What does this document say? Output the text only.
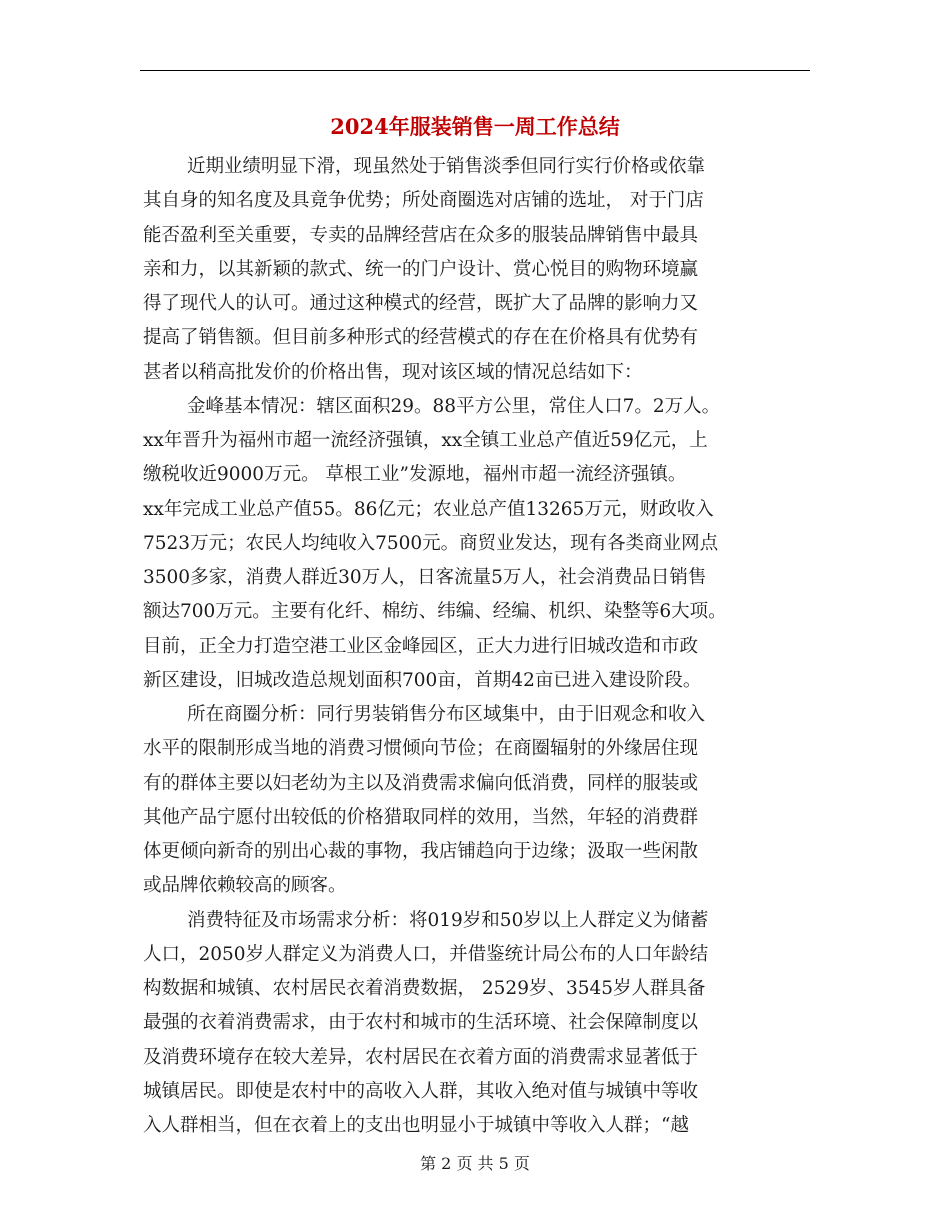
2024年服装销售一周工作总结
近期业绩明显下滑，现虽然处于销售淡季但同行实行价格或依靠
其自身的知名度及具竟争优势；所处商圈选对店铺的选址， 对于门店
能否盈利至关重要，专卖的品牌经营店在众多的服装品牌销售中最具
亲和力，以其新颖的款式、统一的门户设计、赏心悦目的购物环境赢
得了现代人的认可。通过这种模式的经营，既扩大了品牌的影响力又
提高了销售额。但目前多种形式的经营模式的存在在价格具有优势有
甚者以稍高批发价的价格出售，现对该区域的情况总结如下：
金峰基本情况：辖区面积29。88平方公里，常住人口7。2万人。
xx年晋升为福州市超一流经济强镇，xx全镇工业总产值近59亿元，上
缴税收近9000万元。 草根工业”发源地，福州市超一流经济强镇。
xx年完成工业总产值55。86亿元；农业总产值13265万元，财政收入
7523万元；农民人均纯收入7500元。商贸业发达，现有各类商业网点
3500多家，消费人群近30万人，日客流量5万人，社会消费品日销售
额达700万元。主要有化纤、棉纺、纬编、经编、机织、染整等6大项。
目前，正全力打造空港工业区金峰园区，正大力进行旧城改造和市政
新区建设，旧城改造总规划面积700亩，首期42亩已进入建设阶段。
所在商圈分析：同行男装销售分布区域集中，由于旧观念和收入
水平的限制形成当地的消费习惯倾向节俭；在商圈辐射的外缘居住现
有的群体主要以妇老幼为主以及消费需求偏向低消费，同样的服装或
其他产品宁愿付出较低的价格猎取同样的效用，当然，年轻的消费群
体更倾向新奇的别出心裁的事物，我店铺趋向于边缘；汲取一些闲散
或品牌依赖较高的顾客。
消费特征及市场需求分析：将019岁和50岁以上人群定义为储蓄
人口，2050岁人群定义为消费人口，并借鉴统计局公布的人口年龄结
构数据和城镇、农村居民衣着消费数据， 2529岁、3545岁人群具备
最强的衣着消费需求，由于农村和城市的生活环境、社会保障制度以
及消费环境存在较大差异，农村居民在衣着方面的消费需求显著低于
城镇居民。即使是农村中的高收入人群，其收入绝对值与城镇中等收
入人群相当，但在衣着上的支出也明显小于城镇中等收入人群；“越
第 2 页 共 5 页
